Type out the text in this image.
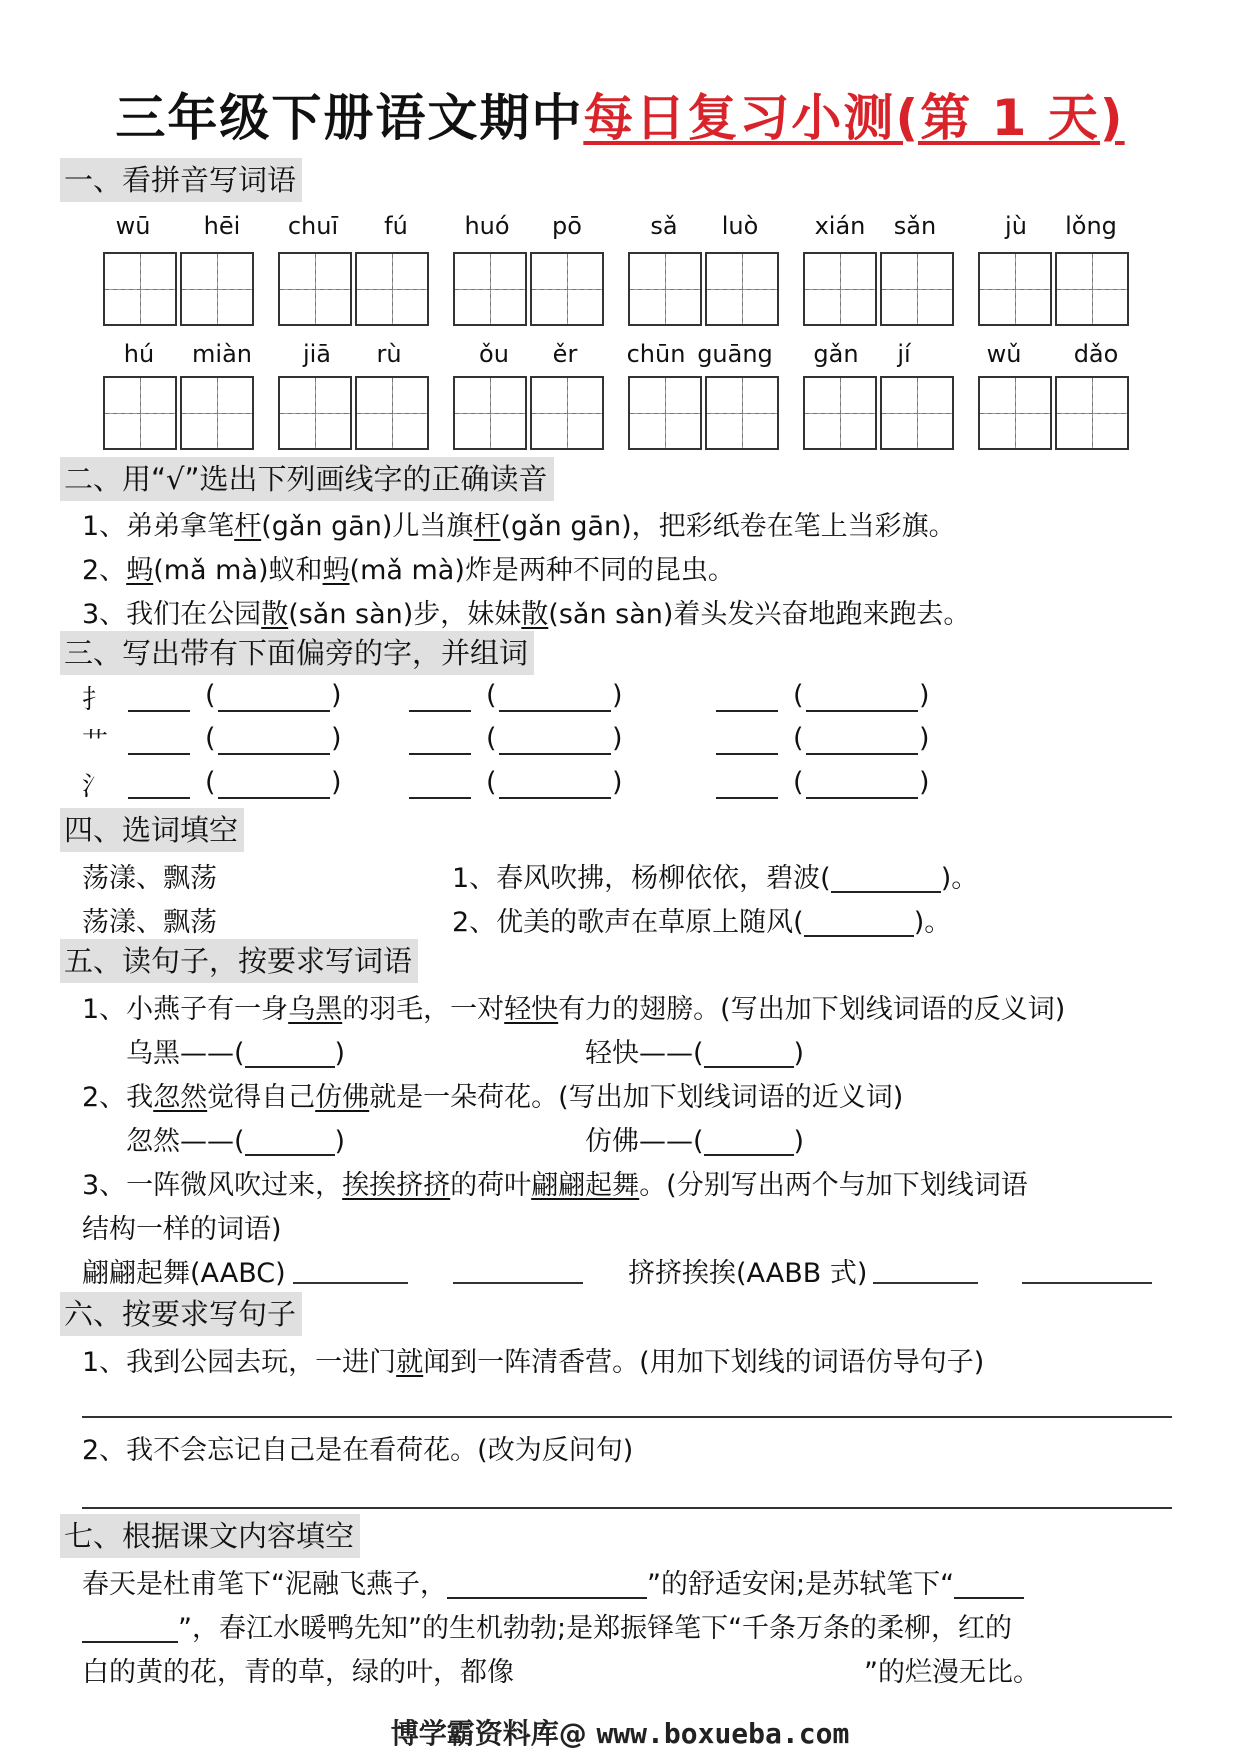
三年级下册语文期中每日复习小测(第 1 天)
一、看拼音写词语
wū	hēi	chuī	fú	huó	pō	sǎ	luò	xián	sǎn	jù	lǒng
hú	miàn	jiā	rù	ǒu	ěr	chūn guāng	gǎn	jí	wǔ	dǎo
二、用“√”选出下列画线字的正确读音
1、弟弟拿笔杆(gǎn gān)儿当旗杆(gǎn gān)，把彩纸卷在笔上当彩旗。
2、蚂(mǎ mà)蚁和蚂(mǎ mà)炸是两种不同的昆虫。
3、我们在公园散(sǎn sàn)步，妹妹散(sǎn sàn)着头发兴奋地跑来跑去。
三、写出带有下面偏旁的字，并组词
扌	(	)	(	)	(	)
艹	(	)	(	)	(	)
氵	(	)	(	)	(	)
四、选词填空
荡漾、飘荡	1、春风吹拂，杨柳依依，碧波(	)。
荡漾、飘荡	2、优美的歌声在草原上随风(	)。
五、读句子，按要求写词语
1、小燕子有一身乌黑的羽毛，一对轻快有力的翅膀。(写出加下划线词语的反义词)
乌黑——(	)	轻快——(	)
2、我忽然觉得自己仿佛就是一朵荷花。(写出加下划线词语的近义词)
忽然——(	)	仿佛——(	)
3、一阵微风吹过来，挨挨挤挤的荷叶翩翩起舞。(分别写出两个与加下划线词语
结构一样的词语)
翩翩起舞(AABC)	挤挤挨挨(AABB 式)
六、按要求写句子
1、我到公园去玩，一进门就闻到一阵清香营。(用加下划线的词语仿导句子)
2、我不会忘记自己是在看荷花。(改为反问句)
七、根据课文内容填空
春天是杜甫笔下“泥融飞燕子，	”的舒适安闲;是苏轼笔下“
”，春江水暖鸭先知”的生机勃勃;是郑振铎笔下“千条万条的柔柳，红的
白的黄的花，青的草，绿的叶，都像	”的烂漫无比。
博学霸资料库@ www.boxueba.com
